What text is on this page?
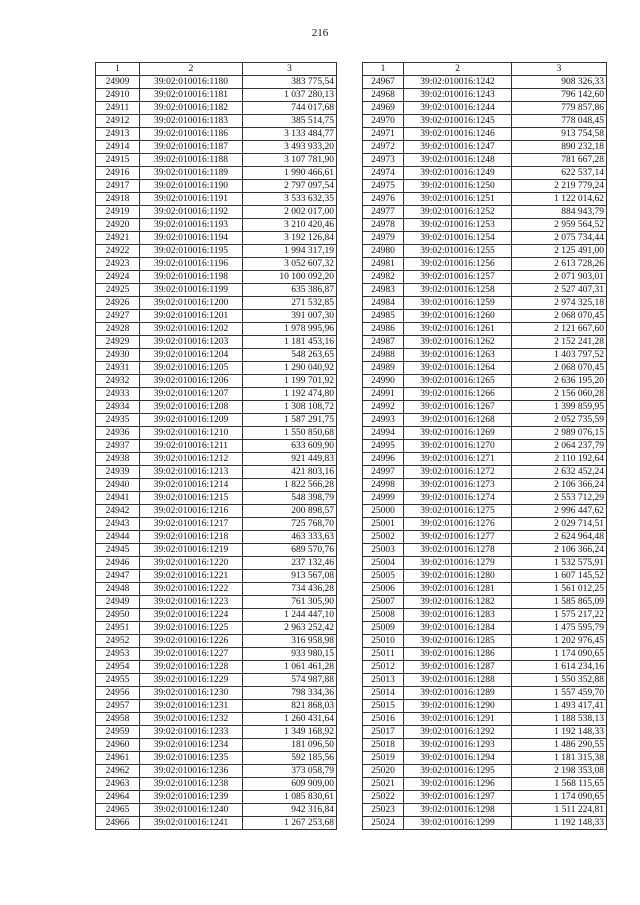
216
1	2	3
24909	39:02:010016:1180	383 775,54
24910	39:02:010016:1181	1 037 280,13
24911	39:02:010016:1182	744 017,68
24912	39:02:010016:1183	385 514,75
24913	39:02:010016:1186	3 133 484,77
24914	39:02:010016:1187	3 493 933,20
24915	39:02:010016:1188	3 107 781,90
24916	39:02:010016:1189	1 990 466,61
24917	39:02:010016:1190	2 797 097,54
24918	39:02:010016:1191	3 533 632,35
24919	39:02:010016:1192	2 002 017,00
24920	39:02:010016:1193	3 210 420,46
24921	39:02:010016:1194	3 192 126,84
24922	39:02:010016:1195	1 994 317,19
24923	39:02:010016:1196	3 052 607,32
24924	39:02:010016:1198	10 100 092,20
24925	39:02:010016:1199	635 386,87
24926	39:02:010016:1200	271 532,85
24927	39:02:010016:1201	391 007,30
24928	39:02:010016:1202	1 978 995,96
24929	39:02:010016:1203	1 181 453,16
24930	39:02:010016:1204	548 263,65
24931	39:02:010016:1205	1 290 040,92
24932	39:02:010016:1206	1 199 701,92
24933	39:02:010016:1207	1 192 474,80
24934	39:02:010016:1208	1 308 108,72
24935	39:02:010016:1209	1 587 291,75
24936	39:02:010016:1210	1 550 850,68
24937	39:02:010016:1211	633 609,90
24938	39:02:010016:1212	921 449,83
24939	39:02:010016:1213	421 803,16
24940	39:02:010016:1214	1 822 566,28
24941	39:02:010016:1215	548 398,79
24942	39:02:010016:1216	200 898,57
24943	39:02:010016:1217	725 768,70
24944	39:02:010016:1218	463 333,63
24945	39:02:010016:1219	689 570,76
24946	39:02:010016:1220	237 132,46
24947	39:02:010016:1221	913 567,08
24948	39:02:010016:1222	734 436,28
24949	39:02:010016:1223	761 305,90
24950	39:02:010016:1224	1 244 447,10
24951	39:02:010016:1225	2 963 252,42
24952	39:02:010016:1226	316 958,98
24953	39:02:010016:1227	933 980,15
24954	39:02:010016:1228	1 061 461,28
24955	39:02:010016:1229	574 987,88
24956	39:02:010016:1230	798 334,36
24957	39:02:010016:1231	821 868,03
24958	39:02:010016:1232	1 260 431,64
24959	39:02:010016:1233	1 349 168,92
24960	39:02:010016:1234	181 096,50
24961	39:02:010016:1235	592 185,56
24962	39:02:010016:1236	373 058,79
24963	39:02:010016:1238	609 909,00
24964	39:02:010016:1239	1 085 830,61
24965	39:02:010016:1240	942 316,84
24966	39:02:010016:1241	1 267 253,68
1	2	3
24967	39:02:010016:1242	908 326,33
24968	39:02:010016:1243	796 142,60
24969	39:02:010016:1244	779 857,86
24970	39:02:010016:1245	778 048,45
24971	39:02:010016:1246	913 754,58
24972	39:02:010016:1247	890 232,18
24973	39:02:010016:1248	781 667,28
24974	39:02:010016:1249	622 537,14
24975	39:02:010016:1250	2 219 779,24
24976	39:02:010016:1251	1 122 014,62
24977	39:02:010016:1252	884 943,79
24978	39:02:010016:1253	2 959 564,52
24979	39:02:010016:1254	2 075 734,44
24980	39:02:010016:1255	2 125 491,00
24981	39:02:010016:1256	2 613 728,26
24982	39:02:010016:1257	2 071 903,01
24983	39:02:010016:1258	2 527 407,31
24984	39:02:010016:1259	2 974 325,18
24985	39:02:010016:1260	2 068 070,45
24986	39:02:010016:1261	2 121 667,60
24987	39:02:010016:1262	2 152 241,28
24988	39:02:010016:1263	1 403 797,52
24989	39:02:010016:1264	2 068 070,45
24990	39:02:010016:1265	2 636 195,20
24991	39:02:010016:1266	2 156 060,28
24992	39:02:010016:1267	1 399 859,95
24993	39:02:010016:1268	2 052 735,59
24994	39:02:010016:1269	2 989 076,15
24995	39:02:010016:1270	2 064 237,79
24996	39:02:010016:1271	2 110 192,64
24997	39:02:010016:1272	2 632 452,24
24998	39:02:010016:1273	2 106 366,24
24999	39:02:010016:1274	2 553 712,29
25000	39:02:010016:1275	2 996 447,62
25001	39:02:010016:1276	2 029 714,51
25002	39:02:010016:1277	2 624 964,48
25003	39:02:010016:1278	2 106 366,24
25004	39:02:010016:1279	1 532 575,91
25005	39:02:010016:1280	1 607 145,52
25006	39:02:010016:1281	1 561 012,25
25007	39:02:010016:1282	1 585 865,09
25008	39:02:010016:1283	1 575 217,22
25009	39:02:010016:1284	1 475 595,79
25010	39:02:010016:1285	1 202 976,45
25011	39:02:010016:1286	1 174 090,65
25012	39:02:010016:1287	1 614 234,16
25013	39:02:010016:1288	1 550 352,88
25014	39:02:010016:1289	1 557 459,70
25015	39:02:010016:1290	1 493 417,41
25016	39:02:010016:1291	1 188 538,13
25017	39:02:010016:1292	1 192 148,33
25018	39:02:010016:1293	1 486 290,55
25019	39:02:010016:1294	1 181 315,38
25020	39:02:010016:1295	2 198 353,08
25021	39:02:010016:1296	1 568 115,65
25022	39:02:010016:1297	1 174 090,65
25023	39:02:010016:1298	1 511 224,81
25024	39:02:010016:1299	1 192 148,33
